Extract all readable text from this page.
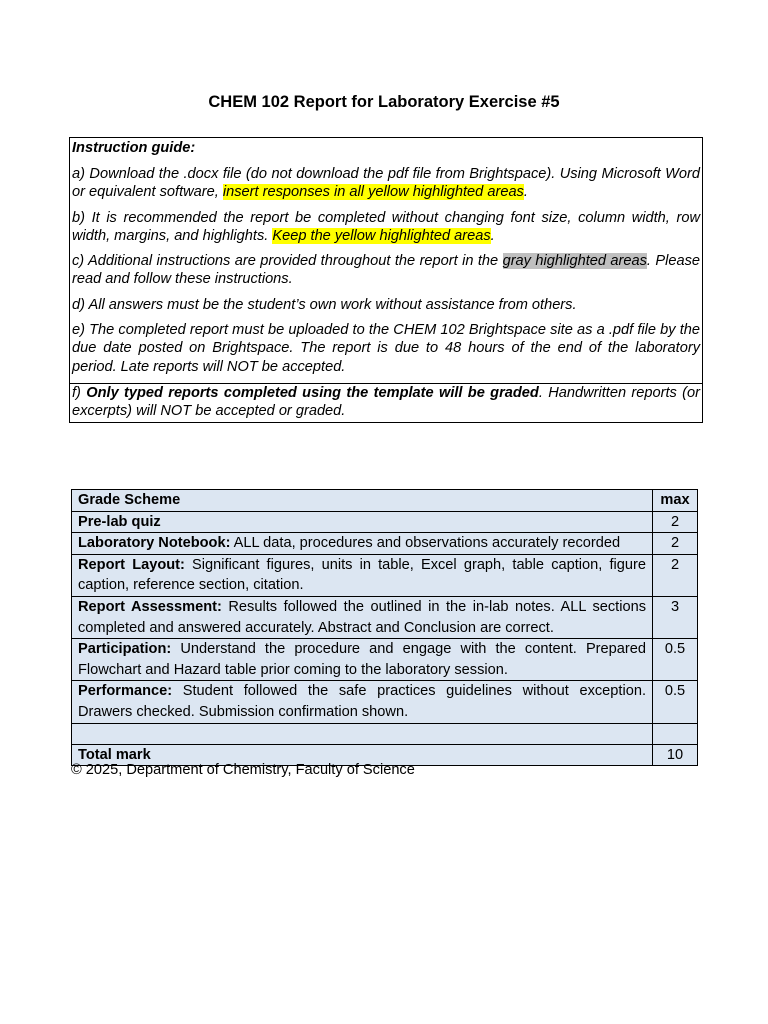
CHEM 102 Report for Laboratory Exercise #5
Instruction guide:
a) Download the .docx file (do not download the pdf file from Brightspace). Using Microsoft Word or equivalent software, insert responses in all yellow highlighted areas.
b) It is recommended the report be completed without changing font size, column width, row width, margins, and highlights. Keep the yellow highlighted areas.
c) Additional instructions are provided throughout the report in the gray highlighted areas. Please read and follow these instructions.
d) All answers must be the student’s own work without assistance from others.
e) The completed report must be uploaded to the CHEM 102 Brightspace site as a .pdf file by the due date posted on Brightspace. The report is due to 48 hours of the end of the laboratory period. Late reports will NOT be accepted.
f) Only typed reports completed using the template will be graded. Handwritten reports (or excerpts) will NOT be accepted or graded.
Grade Scheme	max
Pre-lab quiz	2
Laboratory Notebook: ALL data, procedures and observations accurately recorded	2
Report Layout: Significant figures, units in table, Excel graph, table caption, figure caption, reference section, citation.	2
Report Assessment: Results followed the outlined in the in-lab notes. ALL sections completed and answered accurately. Abstract and Conclusion are correct.	3
Participation: Understand the procedure and engage with the content. Prepared Flowchart and Hazard table prior coming to the laboratory session.	0.5
Performance: Student followed the safe practices guidelines without exception. Drawers checked. Submission confirmation shown.	0.5

Total mark	10
© 2025, Department of Chemistry, Faculty of Science
